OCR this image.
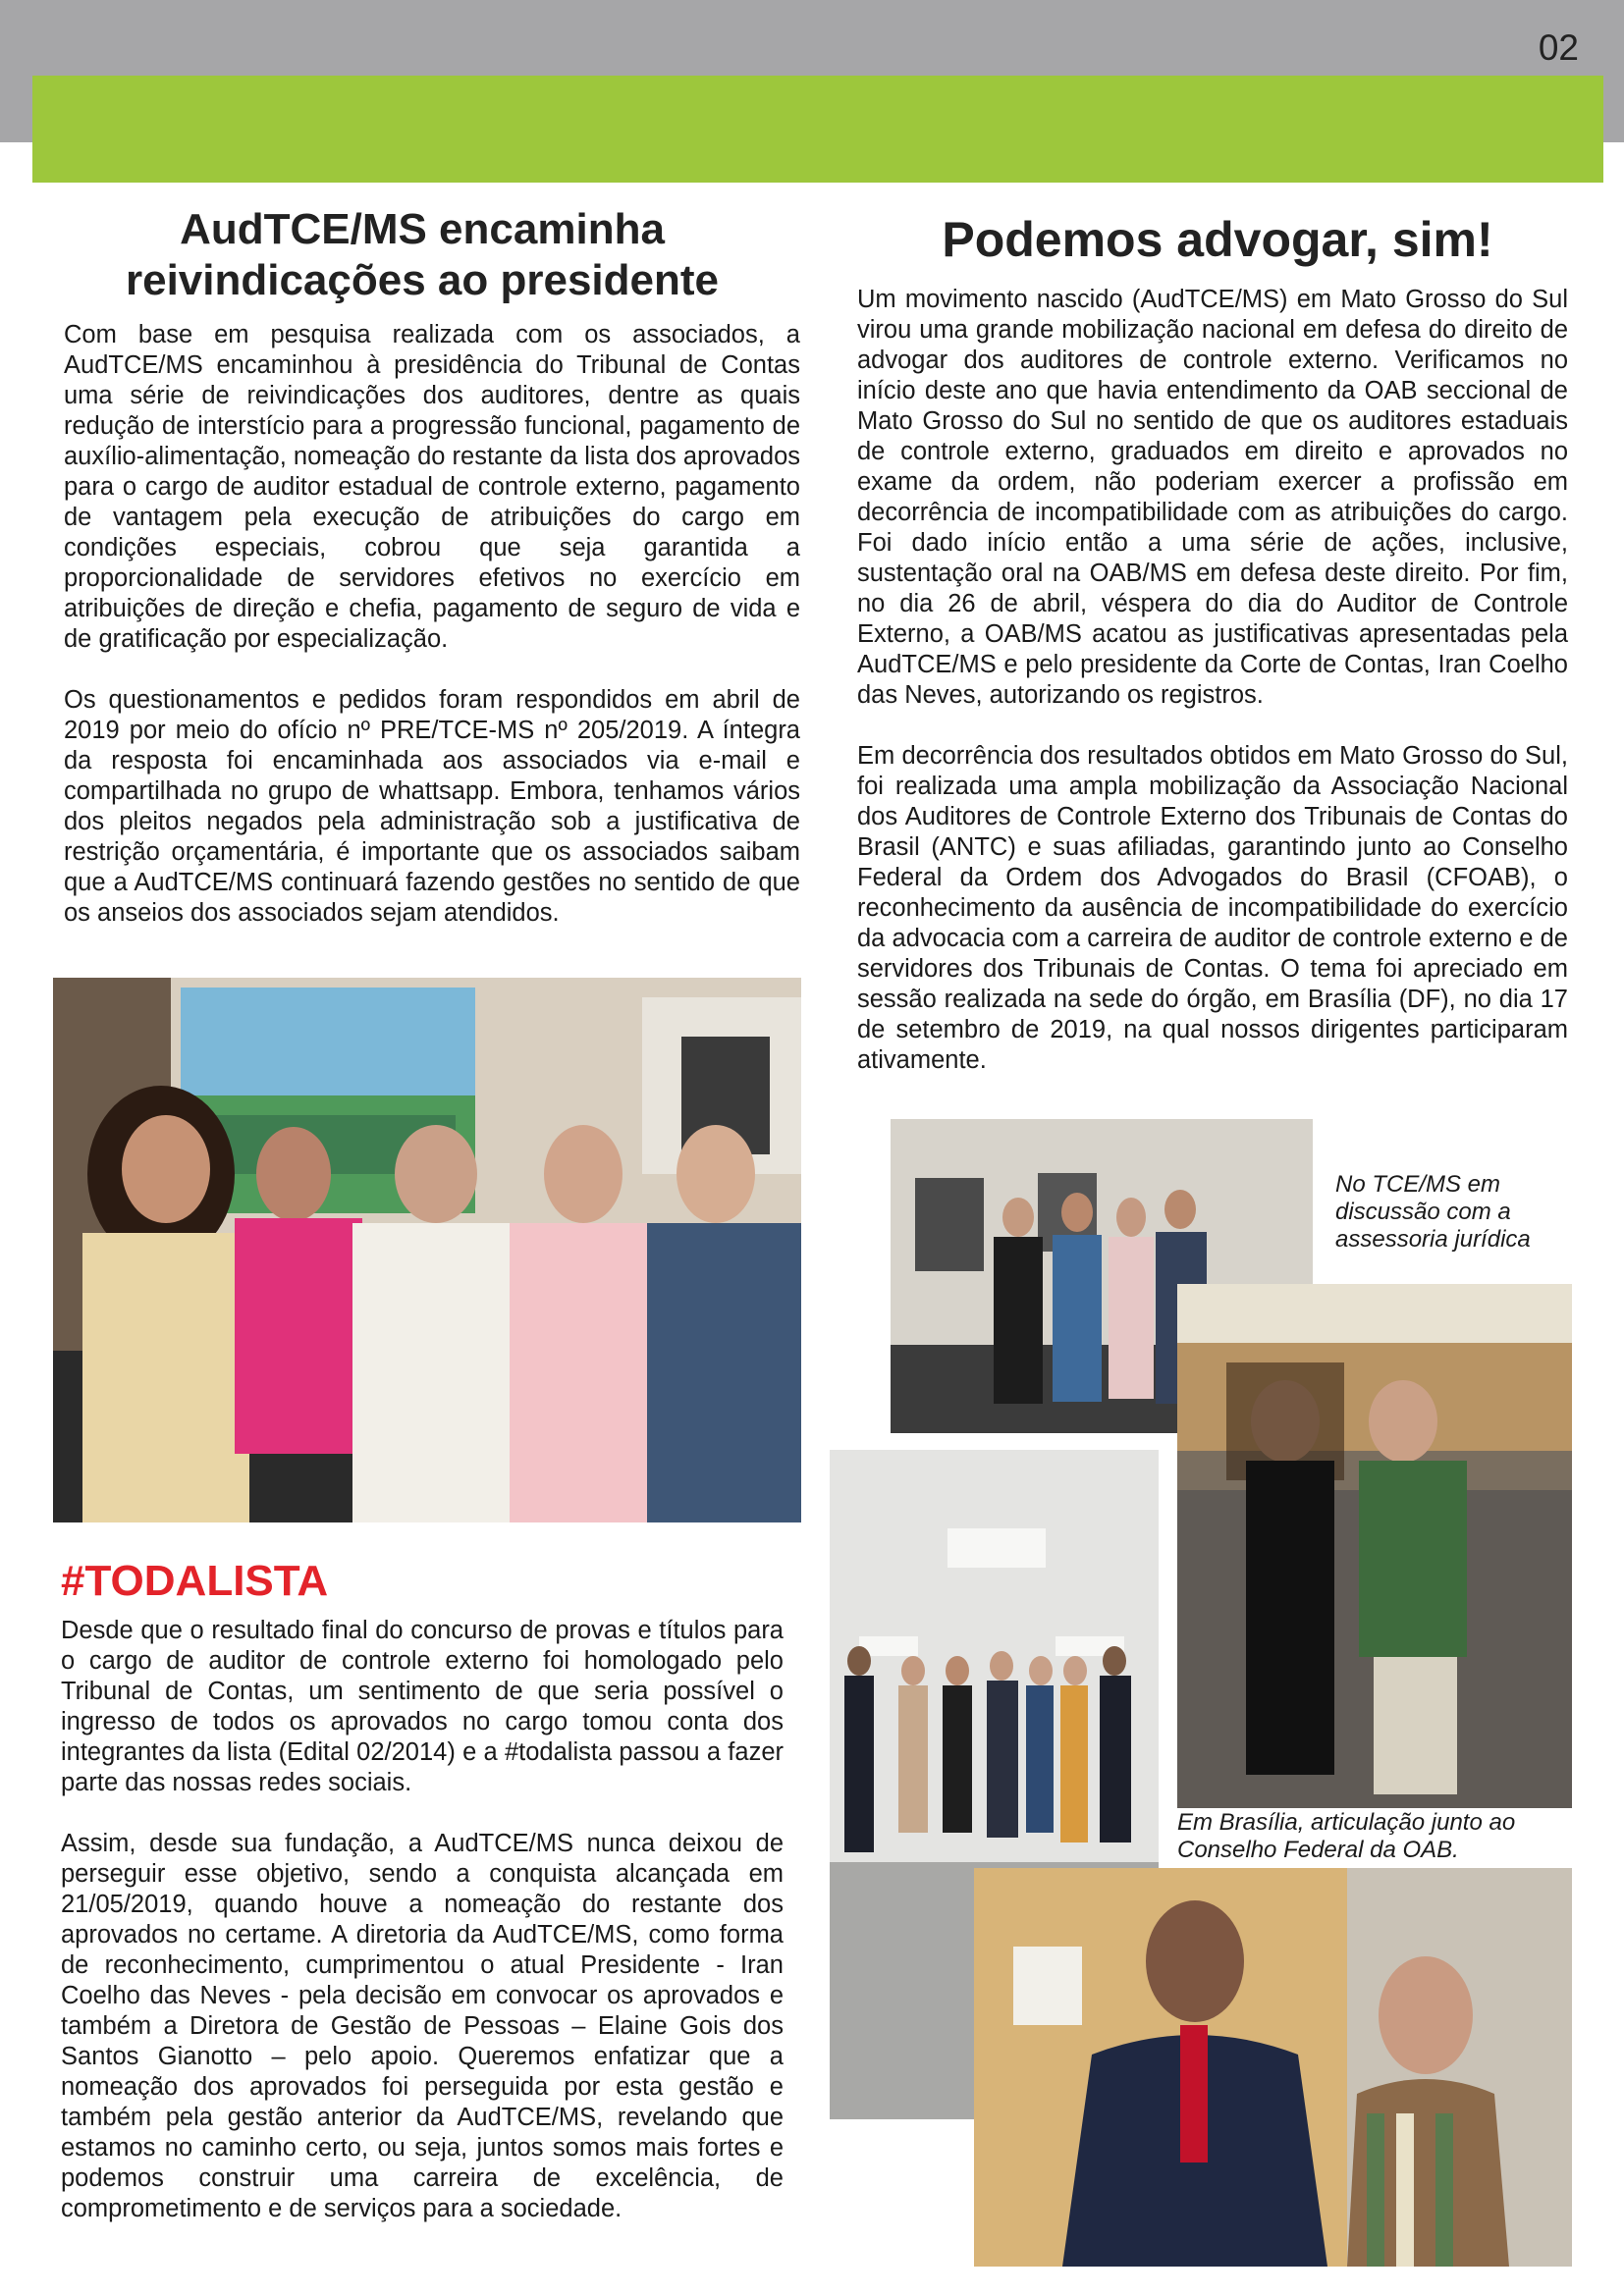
02
AudTCE/MS encaminha
reivindicações ao presidente

Com base em pesquisa realizada com os associados, a AudTCE/MS encaminhou à presidência do Tribunal de Contas uma série de reivindicações dos auditores, dentre as quais redução de interstício para a progressão funcional, pagamento de auxílio-alimentação, nomeação do restante da lista dos aprovados para o cargo de auditor estadual de controle externo, pagamento de vantagem pela execução de atribuições do cargo em condições especiais, cobrou que seja garantida a proporcionalidade de servidores efetivos no exercício em atribuições de direção e chefia, pagamento de seguro de vida e de gratificação por especialização.

Os questionamentos e pedidos foram respondidos em abril de 2019 por meio do ofício nº PRE/TCE-MS nº 205/2019. A íntegra da resposta foi encaminhada aos associados via e-mail e compartilhada no grupo de whattsapp. Embora, tenhamos vários dos pleitos negados pela administração sob a justificativa de restrição orçamentária, é importante que os associados saibam que a AudTCE/MS continuará fazendo gestões no sentido de que os anseios dos associados sejam atendidos.

#TODALISTA

Desde que o resultado final do concurso de provas e títulos para o cargo de auditor de controle externo foi homologado pelo Tribunal de Contas, um sentimento de que seria possível o ingresso de todos os aprovados no cargo tomou conta dos integrantes da lista (Edital 02/2014) e a #todalista passou a fazer parte das nossas redes sociais.

Assim, desde sua fundação, a AudTCE/MS nunca deixou de perseguir esse objetivo, sendo a conquista alcançada em 21/05/2019, quando houve a nomeação do restante dos aprovados no certame. A diretoria da AudTCE/MS, como forma de reconhecimento, cumprimentou o atual Presidente - Iran Coelho das Neves - pela decisão em convocar os aprovados e também a Diretora de Gestão de Pessoas – Elaine Gois dos Santos Gianotto – pelo apoio. Queremos enfatizar que a nomeação dos aprovados foi perseguida por esta gestão e também pela gestão anterior da AudTCE/MS, revelando que estamos no caminho certo, ou seja, juntos somos mais fortes e podemos construir uma carreira de excelência, de comprometimento e de serviços para a sociedade.

Podemos advogar, sim!

Um movimento nascido (AudTCE/MS) em Mato Grosso do Sul virou uma grande mobilização nacional em defesa do direito de advogar dos auditores de controle externo. Verificamos no início deste ano que havia entendimento da OAB seccional de Mato Grosso do Sul no sentido de que os auditores estaduais de controle externo, graduados em direito e aprovados no exame da ordem, não poderiam exercer a profissão em decorrência de incompatibilidade com as atribuições do cargo. Foi dado início então a uma série de ações, inclusive, sustentação oral na OAB/MS em defesa deste direito. Por fim, no dia 26 de abril, véspera do dia do Auditor de Controle Externo, a OAB/MS acatou as justificativas apresentadas pela AudTCE/MS e pelo presidente da Corte de Contas, Iran Coelho das Neves, autorizando os registros.

Em decorrência dos resultados obtidos em Mato Grosso do Sul, foi realizada uma ampla mobilização da Associação Nacional dos Auditores de Controle Externo dos Tribunais de Contas do Brasil (ANTC) e suas afiliadas, garantindo junto ao Conselho Federal da Ordem dos Advogados do Brasil (CFOAB), o reconhecimento da ausência de incompatibilidade do exercício da advocacia com a carreira de auditor de controle externo e de servidores dos Tribunais de Contas. O tema foi apreciado em sessão realizada na sede do órgão, em Brasília (DF), no dia 17 de setembro de 2019, na qual nossos dirigentes participaram ativamente.

No TCE/MS em discussão com a assessoria jurídica
Em Brasília, articulação junto ao Conselho Federal da OAB.
